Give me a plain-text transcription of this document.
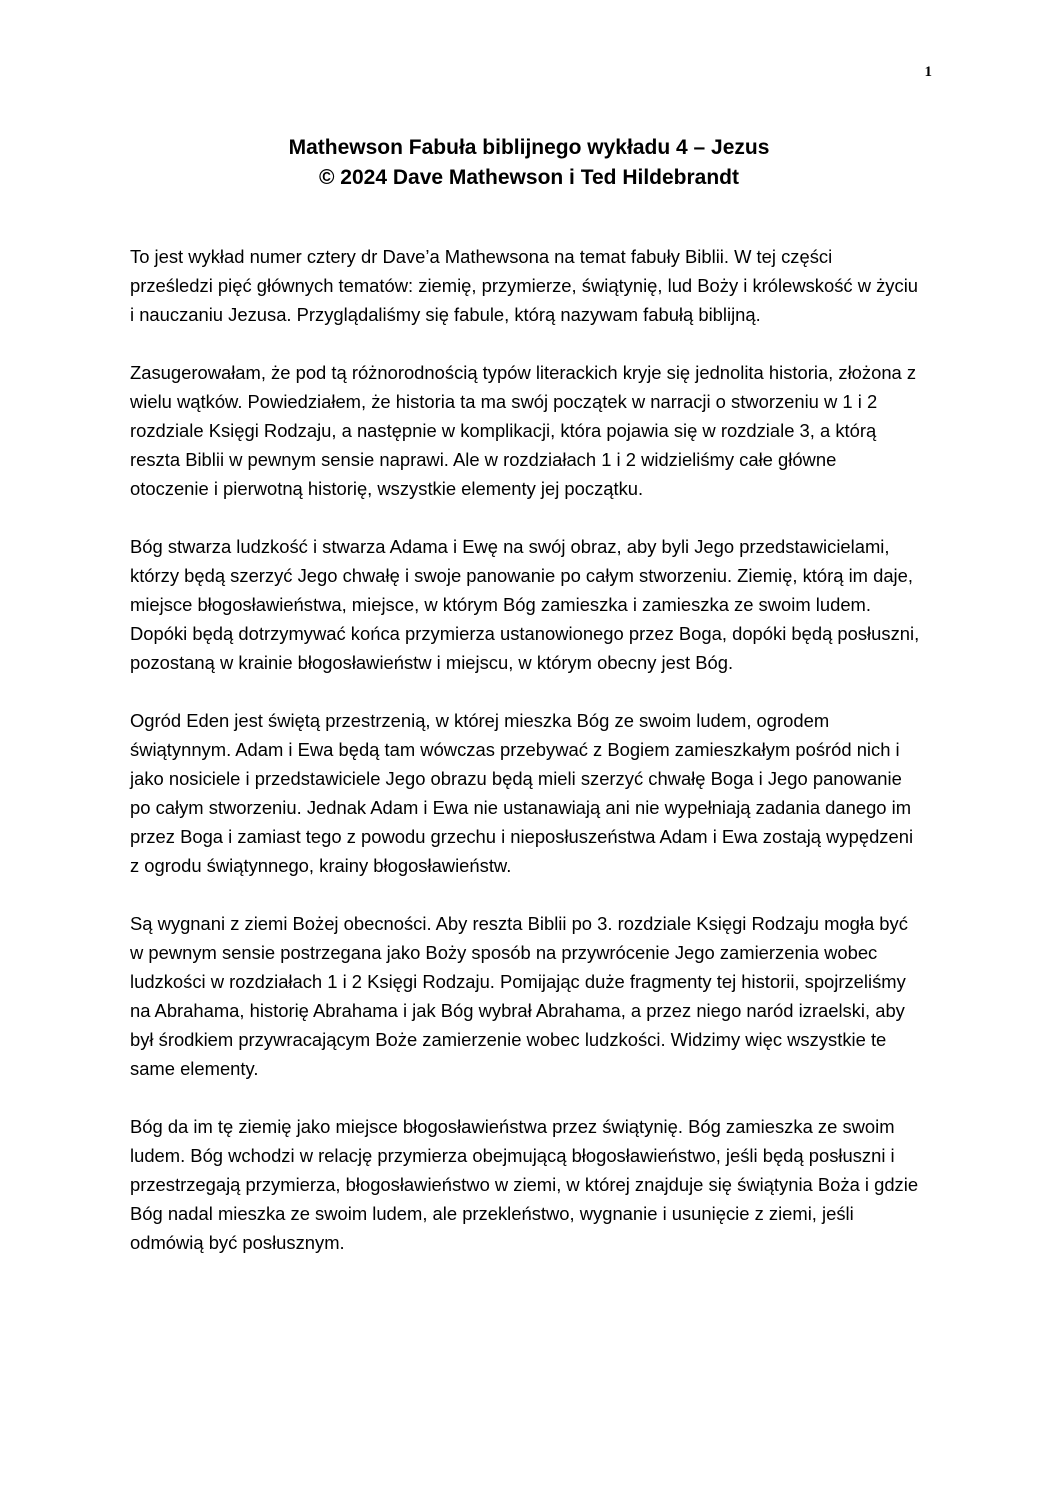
1
Mathewson Fabuła biblijnego wykładu 4 – Jezus
© 2024 Dave Mathewson i Ted Hildebrandt

To jest wykład numer cztery dr Dave’a Mathewsona na temat fabuły Biblii. W tej części prześledzi pięć głównych tematów: ziemię, przymierze, świątynię, lud Boży i królewskość w życiu i nauczaniu Jezusa. Przyglądaliśmy się fabule, którą nazywam fabułą biblijną.

Zasugerowałam, że pod tą różnorodnością typów literackich kryje się jednolita historia, złożona z wielu wątków. Powiedziałem, że historia ta ma swój początek w narracji o stworzeniu w 1 i 2 rozdziale Księgi Rodzaju, a następnie w komplikacji, która pojawia się w rozdziale 3, a którą reszta Biblii w pewnym sensie naprawi. Ale w rozdziałach 1 i 2 widzieliśmy całe główne otoczenie i pierwotną historię, wszystkie elementy jej początku.

Bóg stwarza ludzkość i stwarza Adama i Ewę na swój obraz, aby byli Jego przedstawicielami, którzy będą szerzyć Jego chwałę i swoje panowanie po całym stworzeniu. Ziemię, którą im daje, miejsce błogosławieństwa, miejsce, w którym Bóg zamieszka i zamieszka ze swoim ludem. Dopóki będą dotrzymywać końca przymierza ustanowionego przez Boga, dopóki będą posłuszni, pozostaną w krainie błogosławieństw i miejscu, w którym obecny jest Bóg.

Ogród Eden jest świętą przestrzenią, w której mieszka Bóg ze swoim ludem, ogrodem świątynnym. Adam i Ewa będą tam wówczas przebywać z Bogiem zamieszkałym pośród nich i jako nosiciele i przedstawiciele Jego obrazu będą mieli szerzyć chwałę Boga i Jego panowanie po całym stworzeniu. Jednak Adam i Ewa nie ustanawiają ani nie wypełniają zadania danego im przez Boga i zamiast tego z powodu grzechu i nieposłuszeństwa Adam i Ewa zostają wypędzeni z ogrodu świątynnego, krainy błogosławieństw.

Są wygnani z ziemi Bożej obecności. Aby reszta Biblii po 3. rozdziale Księgi Rodzaju mogła być w pewnym sensie postrzegana jako Boży sposób na przywrócenie Jego zamierzenia wobec ludzkości w rozdziałach 1 i 2 Księgi Rodzaju. Pomijając duże fragmenty tej historii, spojrzeliśmy na Abrahama, historię Abrahama i jak Bóg wybrał Abrahama, a przez niego naród izraelski, aby był środkiem przywracającym Boże zamierzenie wobec ludzkości. Widzimy więc wszystkie te same elementy.

Bóg da im tę ziemię jako miejsce błogosławieństwa przez świątynię. Bóg zamieszka ze swoim ludem. Bóg wchodzi w relację przymierza obejmującą błogosławieństwo, jeśli będą posłuszni i przestrzegają przymierza, błogosławieństwo w ziemi, w której znajduje się świątynia Boża i gdzie Bóg nadal mieszka ze swoim ludem, ale przekleństwo, wygnanie i usunięcie z ziemi, jeśli odmówią być posłusznym.
